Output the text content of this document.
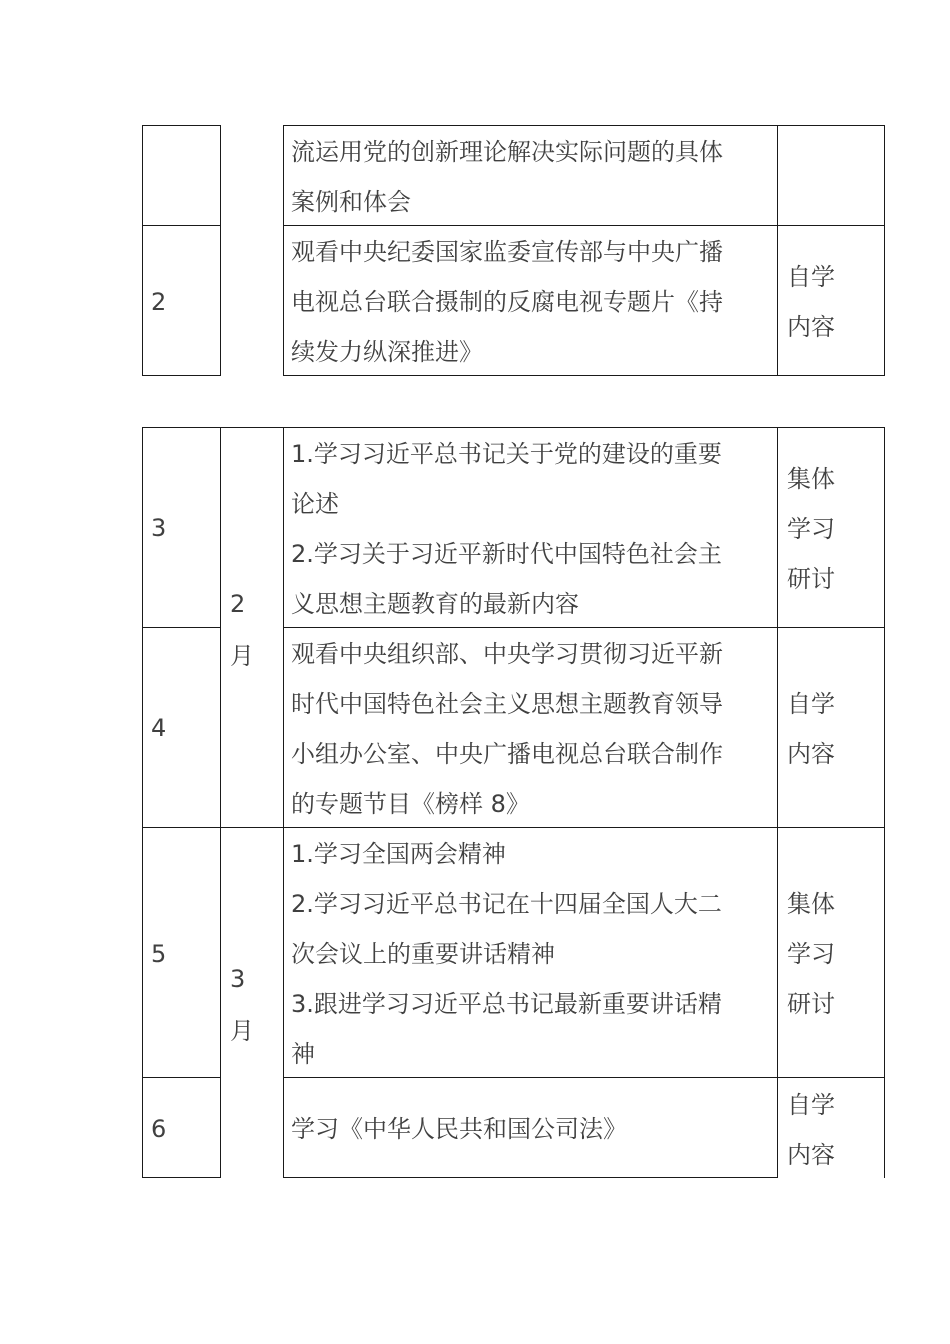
流运用党的创新理论解决实际问题的具体
案例和体会
2
观看中央纪委国家监委宣传部与中央广播
电视总台联合摄制的反腐电视专题片《持
续发力纵深推进》
自学
内容
2
月
3
月
3
1.学习习近平总书记关于党的建设的重要
论述
2.学习关于习近平新时代中国特色社会主
义思想主题教育的最新内容
集体
学习
研讨
4
观看中央组织部、中央学习贯彻习近平新
时代中国特色社会主义思想主题教育领导
小组办公室、中央广播电视总台联合制作
的专题节目《榜样 8》
自学
内容
5
1.学习全国两会精神
2.学习习近平总书记在十四届全国人大二
次会议上的重要讲话精神
3.跟进学习习近平总书记最新重要讲话精
神
集体
学习
研讨
6	学习《中华人民共和国公司法》
自学
内容
